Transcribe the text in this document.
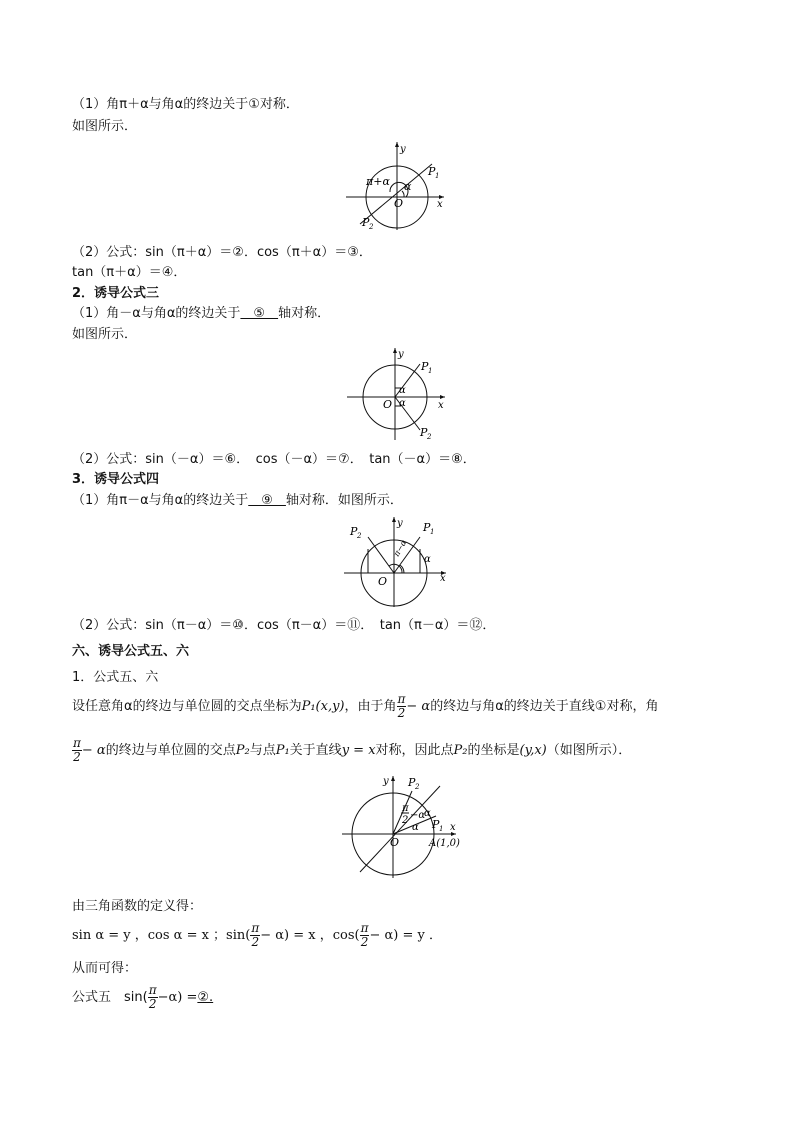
（1）角π＋α与角α的终边关于①对称．
如图所示．
π+α α
P 1
P 2
O	x
y
（2）公式：sin（π＋α）＝②．cos（π＋α）＝③．
tan（π＋α）＝④．
2．诱导公式三
（1）角－α与角α的终边关于　⑤　轴对称．
如图所示．
α
α
P 1
P 2
O	x
y
（2）公式：sin（－α）＝⑥．　cos（－α）＝⑦．　tan（－α）＝⑧．
3．诱导公式四
（1）角π－α与角α的终边关于　⑨　轴对称．如图所示．
α
π−α
P 1
P 2
O	x
y
（2）公式：sin（π－α）＝⑩．cos（π－α）＝⑪．　tan（π－α）＝⑫．
六、诱导公式五、六
1．公式五、六
设任意角α的终边与单位圆的交点坐标为P₁(x,y)，由于角 $\frac{\pi}{2} - \alpha$的终边与角α的终边关于直线①对称，角
$\frac{\pi}{2} - \alpha$的终边与单位圆的交点P₂与点P₁关于直线y = x对称，因此点P₂的坐标是(y,x)（如图所示）．
P 2
π
2 −α
α
α P 1
O	A(1,0)
x
y
由三角函数的定义得：
sin α = y ，cos α = x ；$\sin( \frac{\pi}{2} - \alpha) = x$ ，$\cos( \frac{\pi}{2} - \alpha) = y$ ．
从而可得：
公式五　$\sin( \frac{\pi}{2} -\alpha)$ =②.
